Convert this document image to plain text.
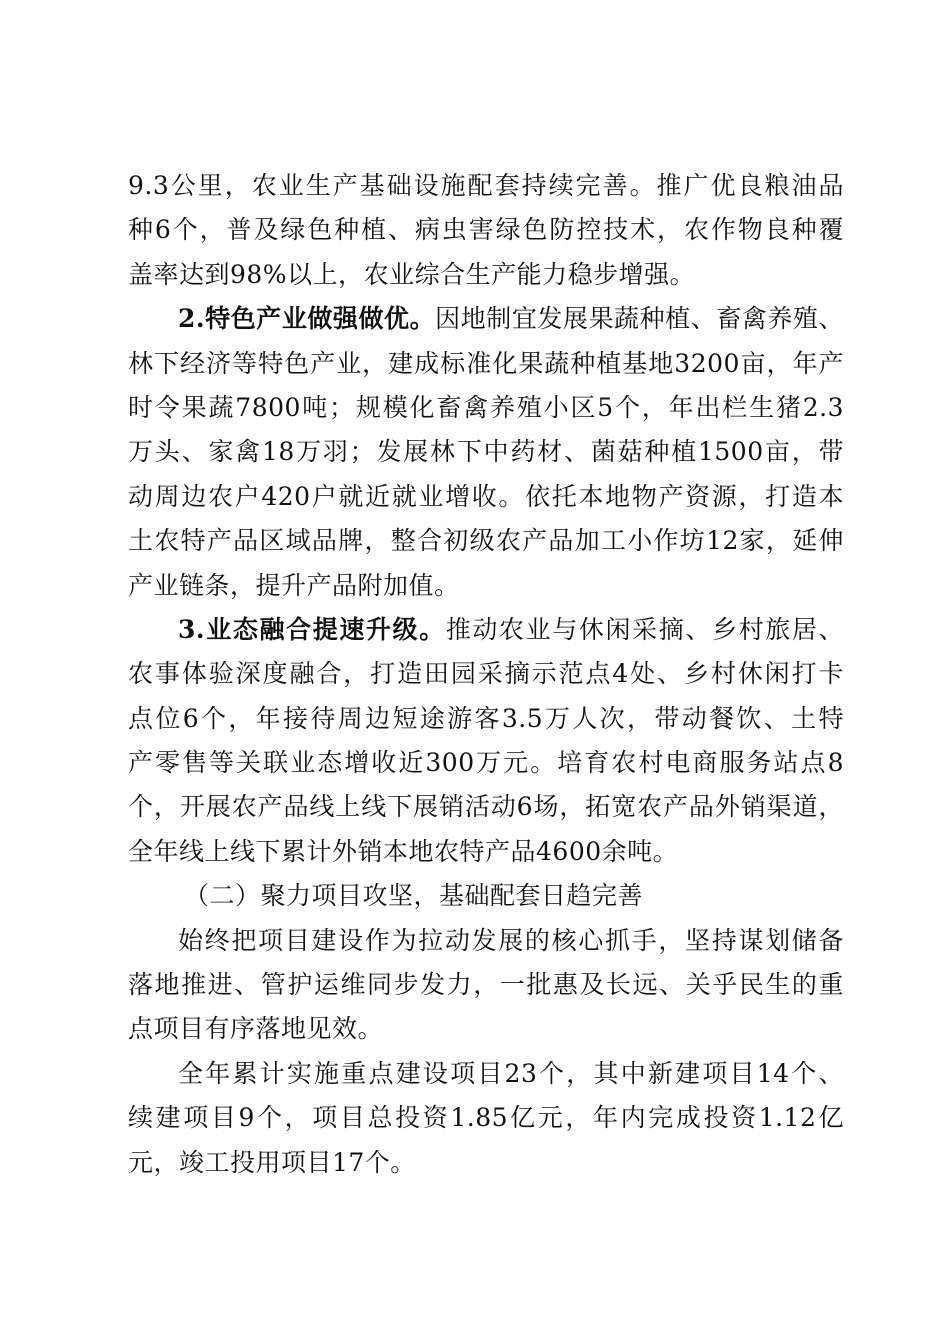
9.3公里，农业生产基础设施配套持续完善。推广优良粮油品
种6个，普及绿色种植、病虫害绿色防控技术，农作物良种覆
盖率达到98%以上，农业综合生产能力稳步增强。
2.特色产业做强做优。因地制宜发展果蔬种植、畜禽养殖、
林下经济等特色产业，建成标准化果蔬种植基地3200亩，年产
时令果蔬7800吨；规模化畜禽养殖小区5个，年出栏生猪2.3
万头、家禽18万羽；发展林下中药材、菌菇种植1500亩，带
动周边农户420户就近就业增收。依托本地物产资源，打造本
土农特产品区域品牌，整合初级农产品加工小作坊12家，延伸
产业链条，提升产品附加值。
3.业态融合提速升级。推动农业与休闲采摘、乡村旅居、
农事体验深度融合，打造田园采摘示范点4处、乡村休闲打卡
点位6个，年接待周边短途游客3.5万人次，带动餐饮、土特
产零售等关联业态增收近300万元。培育农村电商服务站点8
个，开展农产品线上线下展销活动6场，拓宽农产品外销渠道，
全年线上线下累计外销本地农特产品4600余吨。
（二）聚力项目攻坚，基础配套日趋完善
始终把项目建设作为拉动发展的核心抓手，坚持谋划储备
落地推进、管护运维同步发力，一批惠及长远、关乎民生的重
点项目有序落地见效。
全年累计实施重点建设项目23个，其中新建项目14个、
续建项目9个，项目总投资1.85亿元，年内完成投资1.12亿
元，竣工投用项目17个。
